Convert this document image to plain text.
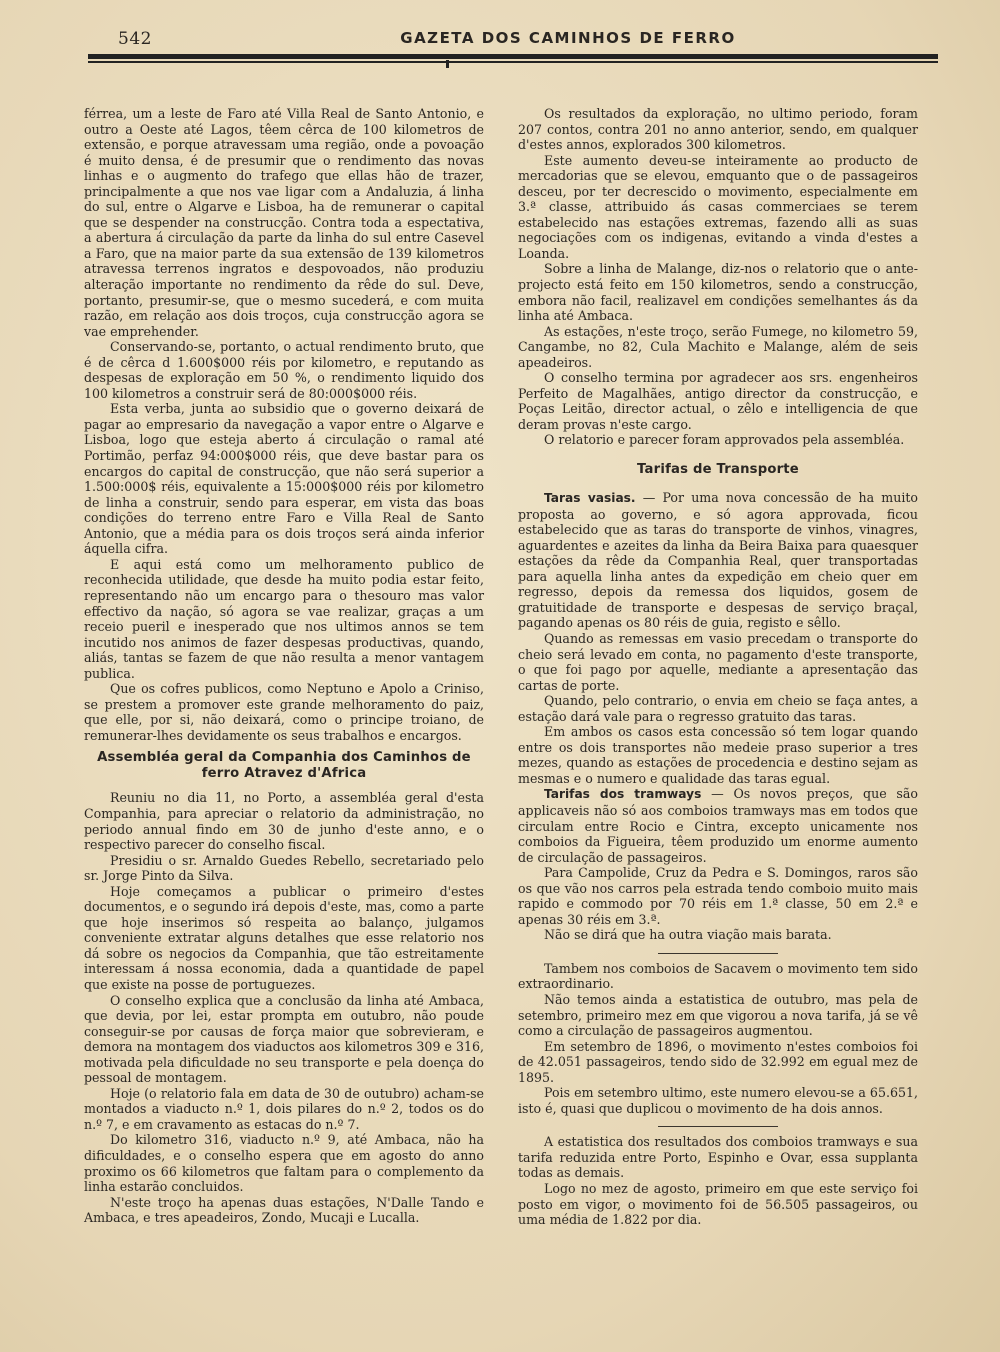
542	GAZETA DOS CAMINHOS DE FERRO

férrea, um a leste de Faro até Villa Real de Santo Antonio, e outro a Oeste até Lagos, têem cêrca de 100 kilometros de extensão, e porque atravessam uma região, onde a povoação é muito densa, é de presumir que o rendimento das novas linhas e o augmento do trafego que ellas hão de trazer, principalmente a que nos vae ligar com a Andaluzia, á linha do sul, entre o Algarve e Lisboa, ha de remunerar o capital que se despender na construcção. Contra toda a espectativa, a abertura á circulação da parte da linha do sul entre Casevel a Faro, que na maior parte da sua extensão de 139 kilometros atravessa terrenos ingratos e despovoados, não produziu alteração importante no rendimento da rêde do sul. Deve, portanto, presumir-se, que o mesmo sucederá, e com muita razão, em relação aos dois troços, cuja construcção agora se vae emprehender.

Conservando-se, portanto, o actual rendimento bruto, que é de cêrca d 1.600$000 réis por kilometro, e reputando as despesas de exploração em 50 %, o rendimento liquido dos 100 kilometros a construir será de 80:000$000 réis.

Esta verba, junta ao subsidio que o governo deixará de pagar ao empresario da navegação a vapor entre o Algarve e Lisboa, logo que esteja aberto á circulação o ramal até Portimão, perfaz 94:000$000 réis, que deve bastar para os encargos do capital de construcção, que não será superior a 1.500:000$ réis, equivalente a 15:000$000 réis por kilometro de linha a construir, sendo para esperar, em vista das boas condições do terreno entre Faro e Villa Real de Santo Antonio, que a média para os dois troços será ainda inferior áquella cifra.

E aqui está como um melhoramento publico de reconhecida utilidade, que desde ha muito podia estar feito, representando não um encargo para o thesouro mas valor effectivo da nação, só agora se vae realizar, graças a um receio pueril e inesperado que nos ultimos annos se tem incutido nos animos de fazer despesas productivas, quando, aliás, tantas se fazem de que não resulta a menor vantagem publica.

Que os cofres publicos, como Neptuno e Apolo a Criniso, se prestem a promover este grande melhoramento do paiz, que elle, por si, não deixará, como o principe troiano, de remunerar-lhes devidamente os seus trabalhos e encargos.

Assembléa geral da Companhia dos Caminhos de ferro Atravez d'Africa

Reuniu no dia 11, no Porto, a assembléa geral d'esta Companhia, para apreciar o relatorio da administração, no periodo annual findo em 30 de junho d'este anno, e o respectivo parecer do conselho fiscal.

Presidiu o sr. Arnaldo Guedes Rebello, secretariado pelo sr. Jorge Pinto da Silva.

Hoje começamos a publicar o primeiro d'estes documentos, e o segundo irá depois d'este, mas, como a parte que hoje inserimos só respeita ao balanço, julgamos conveniente extratar alguns detalhes que esse relatorio nos dá sobre os negocios da Companhia, que tão estreitamente interessam á nossa economia, dada a quantidade de papel que existe na posse de portuguezes.

O conselho explica que a conclusão da linha até Ambaca, que devia, por lei, estar prompta em outubro, não poude conseguir-se por causas de força maior que sobrevieram, e demora na montagem dos viaductos aos kilometros 309 e 316, motivada pela dificuldade no seu transporte e pela doença do pessoal de montagem.

Hoje (o relatorio fala em data de 30 de outubro) acham-se montados a viaducto n.º 1, dois pilares do n.º 2, todos os do n.º 7, e em cravamento as estacas do n.º 7.

Do kilometro 316, viaducto n.º 9, até Ambaca, não ha dificuldades, e o conselho espera que em agosto do anno proximo os 66 kilometros que faltam para o complemento da linha estarão concluidos.

N'este troço ha apenas duas estações, N'Dalle Tando e Ambaca, e tres apeadeiros, Zondo, Mucaji e Lucalla.

Os resultados da exploração, no ultimo periodo, foram 207 contos, contra 201 no anno anterior, sendo, em qualquer d'estes annos, explorados 300 kilometros.

Este aumento deveu-se inteiramente ao producto de mercadorias que se elevou, emquanto que o de passageiros desceu, por ter decrescido o movimento, especialmente em 3.ª classe, attribuido ás casas commerciaes se terem estabelecido nas estações extremas, fazendo alli as suas negociações com os indigenas, evitando a vinda d'estes a Loanda.

Sobre a linha de Malange, diz-nos o relatorio que o ante-projecto está feito em 150 kilometros, sendo a construcção, embora não facil, realizavel em condições semelhantes ás da linha até Ambaca.

As estações, n'este troço, serão Fumege, no kilometro 59, Cangambe, no 82, Cula Machito e Malange, além de seis apeadeiros.

O conselho termina por agradecer aos srs. engenheiros Perfeito de Magalhães, antigo director da construcção, e Poças Leitão, director actual, o zêlo e intelligencia de que deram provas n'este cargo.

O relatorio e parecer foram approvados pela assembléa.

Tarifas de Transporte

Taras vasias. — Por uma nova concessão de ha muito proposta ao governo, e só agora approvada, ficou estabelecido que as taras do transporte de vinhos, vinagres, aguardentes e azeites da linha da Beira Baixa para quaesquer estações da rêde da Companhia Real, quer transportadas para aquella linha antes da expedição em cheio quer em regresso, depois da remessa dos liquidos, gosem de gratuitidade de transporte e despesas de serviço braçal, pagando apenas os 80 réis de guia, registo e sêllo.

Quando as remessas em vasio precedam o transporte do cheio será levado em conta, no pagamento d'este transporte, o que foi pago por aquelle, mediante a apresentação das cartas de porte.

Quando, pelo contrario, o envia em cheio se faça antes, a estação dará vale para o regresso gratuito das taras.

Em ambos os casos esta concessão só tem logar quando entre os dois transportes não medeie praso superior a tres mezes, quando as estações de procedencia e destino sejam as mesmas e o numero e qualidade das taras egual.

Tarifas dos tramways — Os novos preços, que são applicaveis não só aos comboios tramways mas em todos que circulam entre Rocio e Cintra, excepto unicamente nos comboios da Figueira, têem produzido um enorme aumento de circulação de passageiros.

Para Campolide, Cruz da Pedra e S. Domingos, raros são os que vão nos carros pela estrada tendo comboio muito mais rapido e commodo por 70 réis em 1.ª classe, 50 em 2.ª e apenas 30 réis em 3.ª.

Não se dirá que ha outra viação mais barata.

Tambem nos comboios de Sacavem o movimento tem sido extraordinario.

Não temos ainda a estatistica de outubro, mas pela de setembro, primeiro mez em que vigorou a nova tarifa, já se vê como a circulação de passageiros augmentou.

Em setembro de 1896, o movimento n'estes comboios foi de 42.051 passageiros, tendo sido de 32.992 em egual mez de 1895.

Pois em setembro ultimo, este numero elevou-se a 65.651, isto é, quasi que duplicou o movimento de ha dois annos.

A estatistica dos resultados dos comboios tramways e sua tarifa reduzida entre Porto, Espinho e Ovar, essa supplanta todas as demais.

Logo no mez de agosto, primeiro em que este serviço foi posto em vigor, o movimento foi de 56.505 passageiros, ou uma média de 1.822 por dia.
